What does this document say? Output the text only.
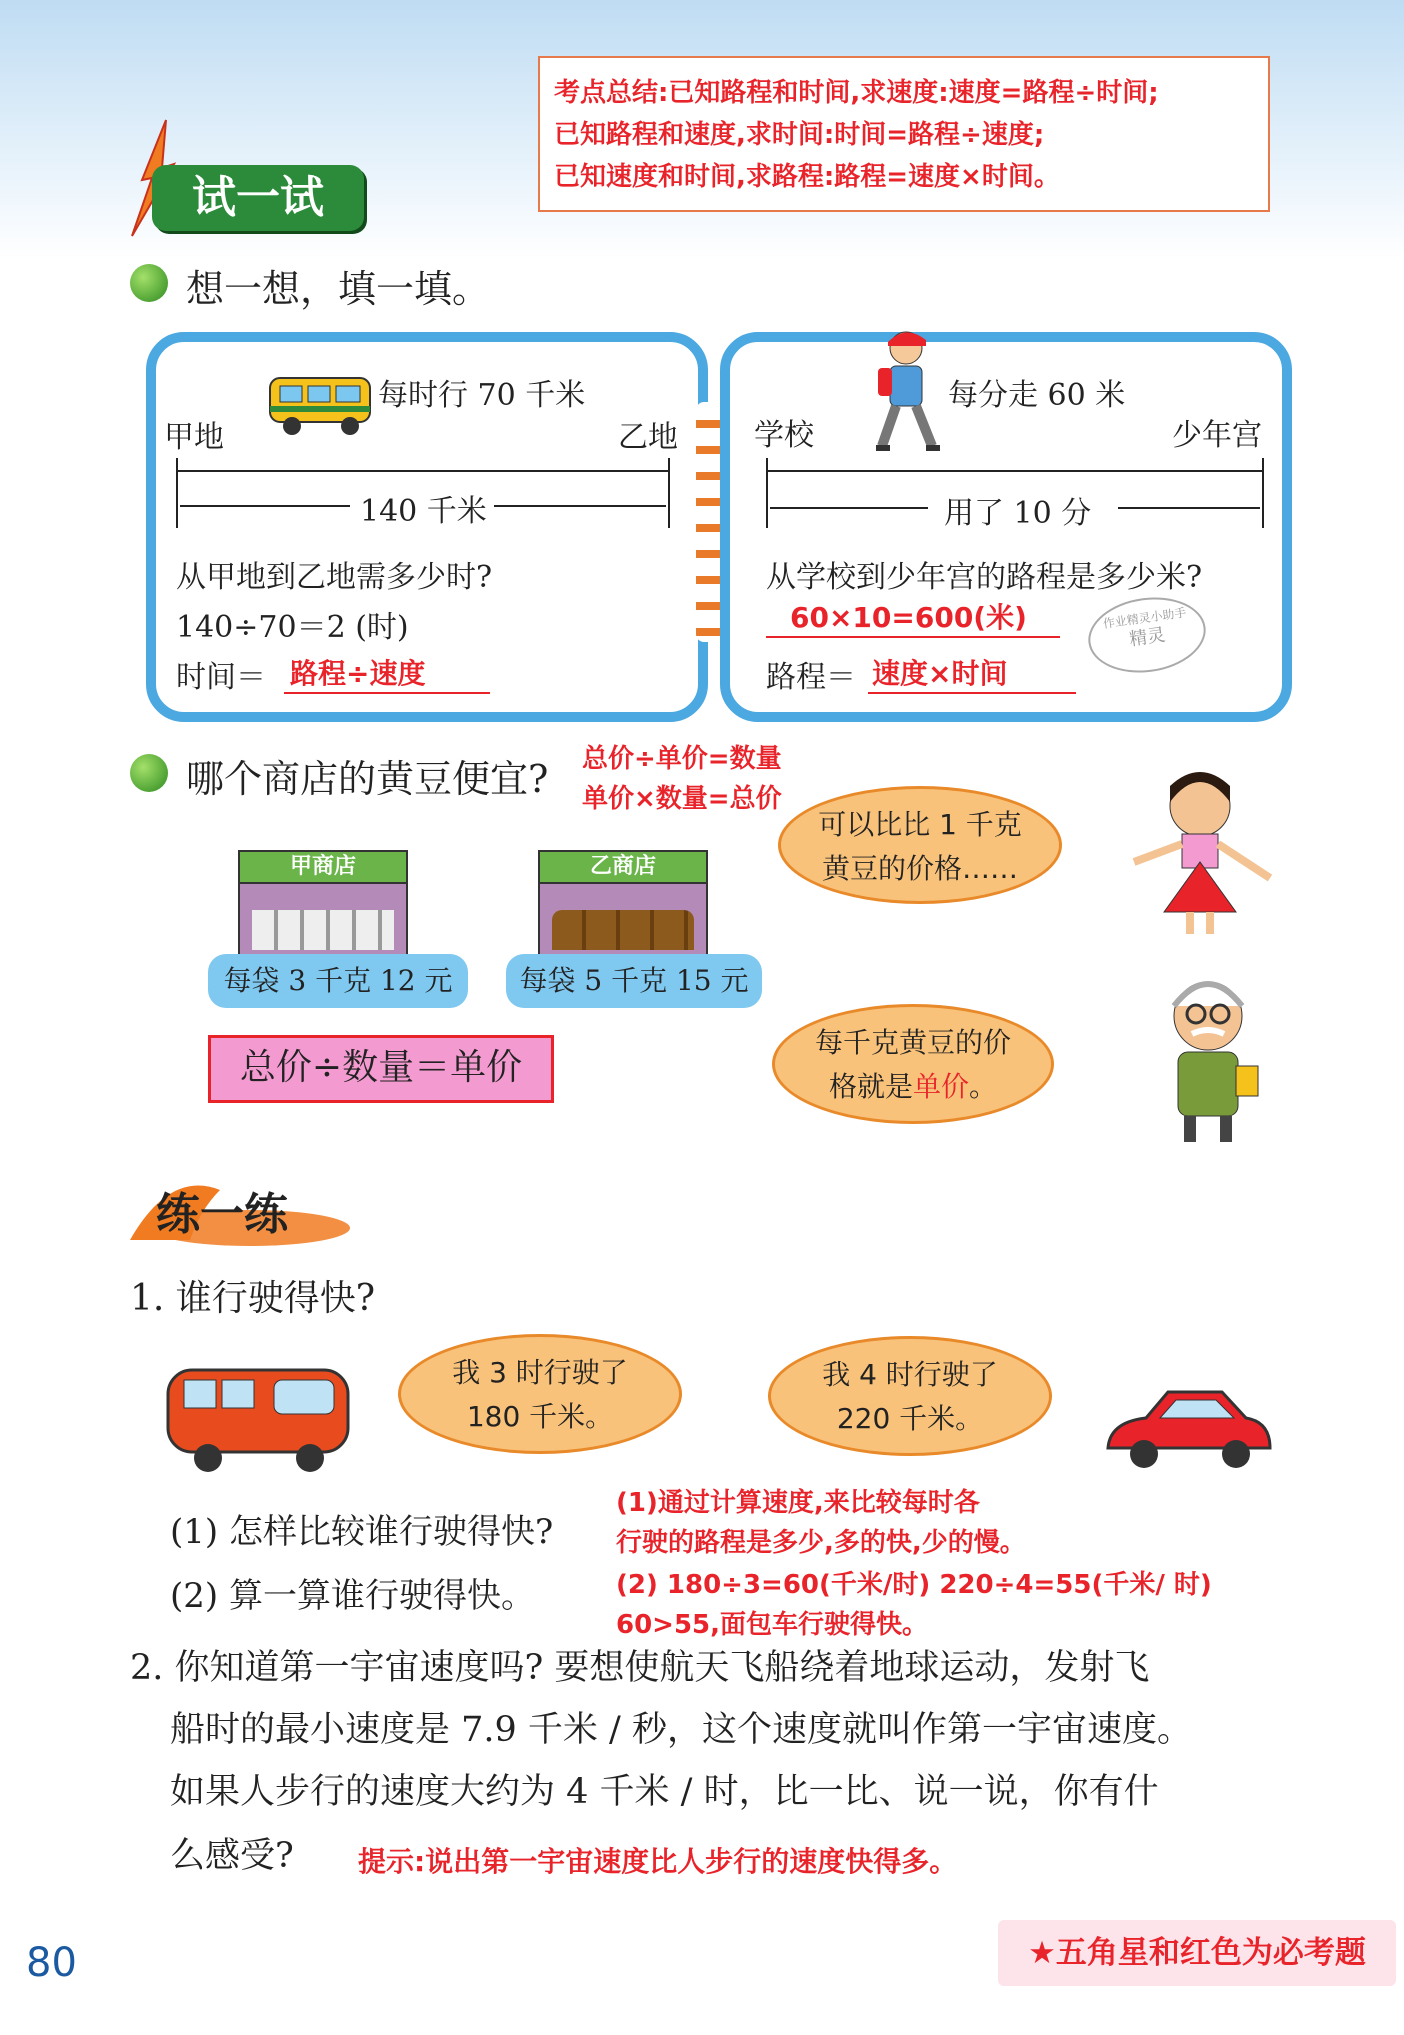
考点总结:已知路程和时间,求速度:速度=路程÷时间;
已知路程和速度,求时间:时间=路程÷速度;
已知速度和时间,求路程:路程=速度×时间。
试一试
想一想，填一填。
每时行 70 千米
甲地	乙地
140 千米
从甲地到乙地需多少时?
140÷70＝2 (时)
时间＝ 路程÷速度
每分走 60 米
学校	少年宫
用了 10 分
从学校到少年宫的路程是多少米?
60×10=600(米)
路程＝ 速度×时间
作业精灵小助手
精灵
哪个商店的黄豆便宜? 总价÷单价=数量
单价×数量=总价
甲商店
每袋 3 千克 12 元
乙商店
每袋 5 千克 15 元
总价÷数量＝单价
可以比比 1 千克
黄豆的价格……
每千克黄豆的价
格就是单价。
练一练
1. 谁行驶得快?
我 3 时行驶了
180 千米。
我 4 时行驶了
220 千米。
(1) 怎样比较谁行驶得快?
(2) 算一算谁行驶得快。
(1)通过计算速度,来比较每时各
行驶的路程是多少,多的快,少的慢。
(2) 180÷3=60(千米/时) 220÷4=55(千米/ 时)
60>55,面包车行驶得快。
2. 你知道第一宇宙速度吗? 要想使航天飞船绕着地球运动，发射飞
船时的最小速度是 7.9 千米 / 秒，这个速度就叫作第一宇宙速度。
如果人步行的速度大约为 4 千米 / 时，比一比、说一说，你有什
么感受? 提示:说出第一宇宙速度比人步行的速度快得多。
80	★五角星和红色为必考题
